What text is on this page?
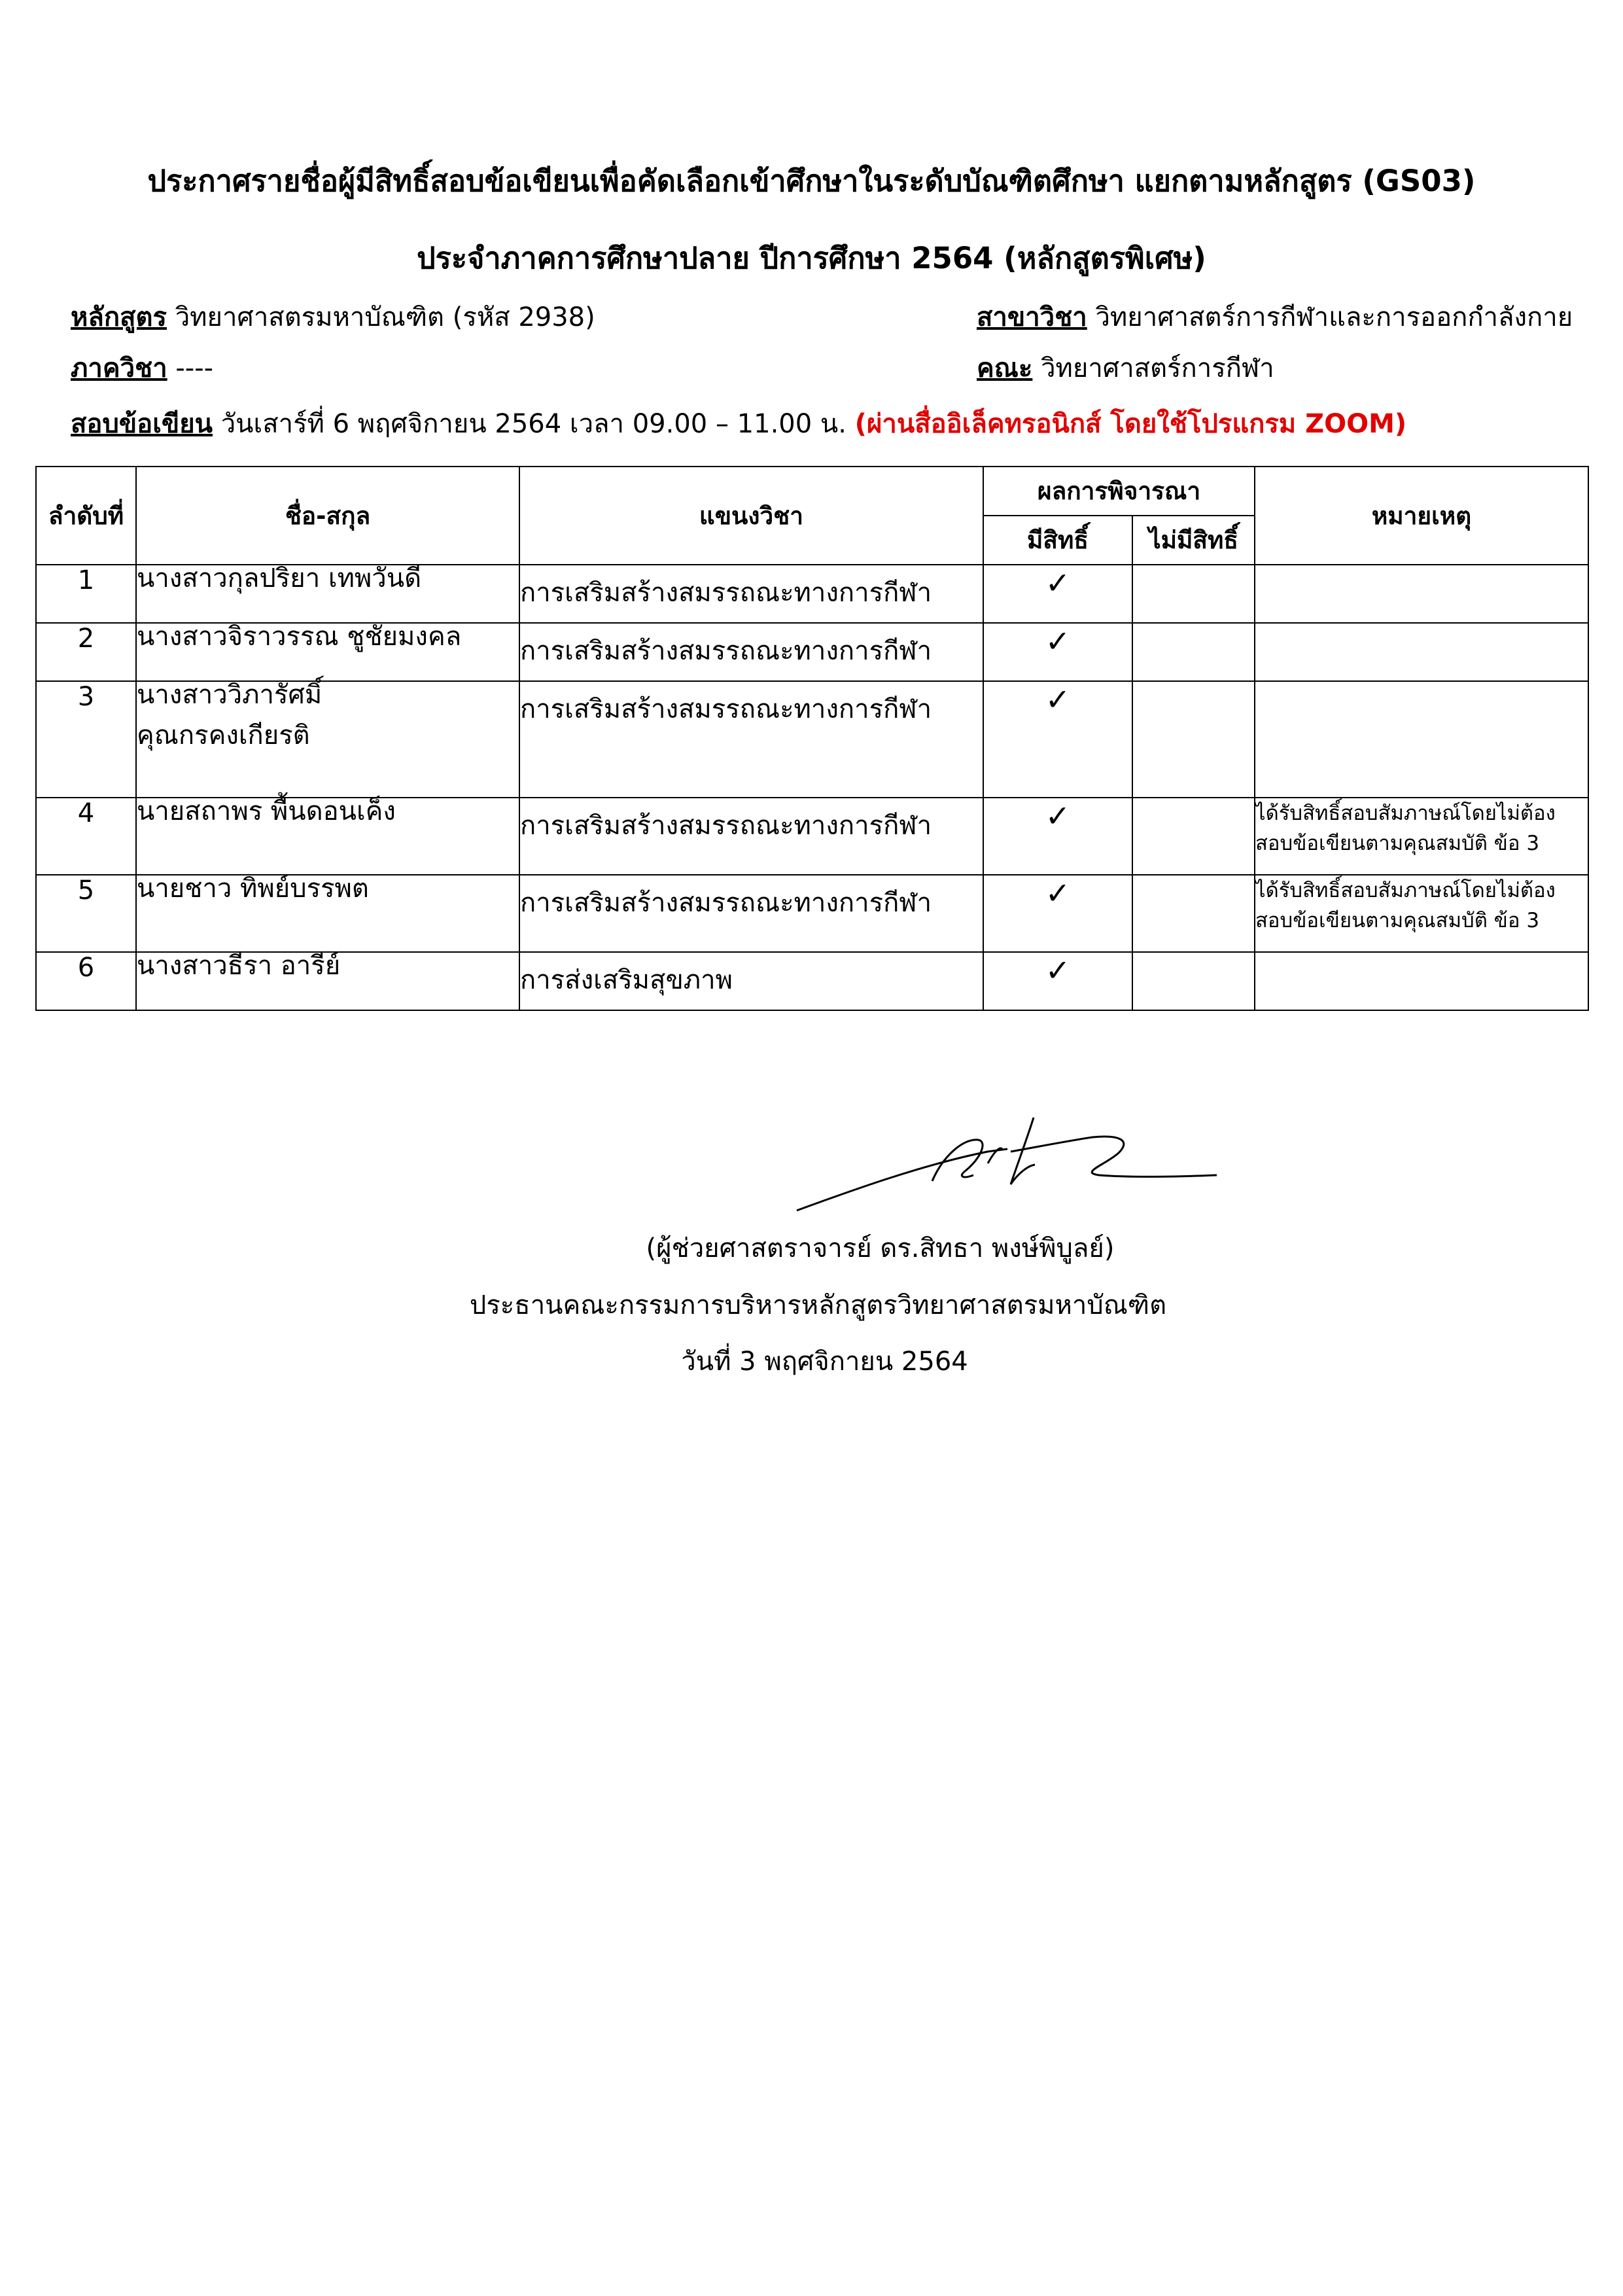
ประกาศรายชื่อผู้มีสิทธิ์สอบข้อเขียนเพื่อคัดเลือกเข้าศึกษาในระดับบัณฑิตศึกษา แยกตามหลักสูตร (GS03)
ประจำภาคการศึกษาปลาย ปีการศึกษา 2564 (หลักสูตรพิเศษ)
หลักสูตร วิทยาศาสตรมหาบัณฑิต (รหัส 2938)	สาขาวิชา วิทยาศาสตร์การกีฬาและการออกกำลังกาย
ภาควิชา ----	คณะ วิทยาศาสตร์การกีฬา
สอบข้อเขียน วันเสาร์ที่ 6 พฤศจิกายน 2564 เวลา 09.00 – 11.00 น. (ผ่านสื่ออิเล็คทรอนิกส์ โดยใช้โปรแกรม ZOOM)
ลำดับที่	ชื่อ-สกุล	แขนงวิชา	ผลการพิจารณา		หมายเหตุ
			มีสิทธิ์	ไม่มีสิทธิ์	
1	นางสาวกุลปริยา เทพวันดี	การเสริมสร้างสมรรถณะทางการกีฬา	✓		

2	นางสาวจิราวรรณ ชูชัยมงคล	การเสริมสร้างสมรรถณะทางการกีฬา	✓		

3	นางสาววิภารัศมิ์
คุณกรคงเกียรติ	การเสริมสร้างสมรรถณะทางการกีฬา	✓		

4	นายสถาพร พื้นดอนเค็ง	การเสริมสร้างสมรรถณะทางการกีฬา	✓		ได้รับสิทธิ์สอบสัมภาษณ์โดยไม่ต้อง
สอบข้อเขียนตามคุณสมบัติ ข้อ 3

5	นายชาว ทิพย์บรรพต	การเสริมสร้างสมรรถณะทางการกีฬา	✓		ได้รับสิทธิ์สอบสัมภาษณ์โดยไม่ต้อง
สอบข้อเขียนตามคุณสมบัติ ข้อ 3

6	นางสาวธีรา อารีย์	การส่งเสริมสุขภาพ	✓		
(ผู้ช่วยศาสตราจารย์ ดร.สิทธา พงษ์พิบูลย์)
ประธานคณะกรรมการบริหารหลักสูตรวิทยาศาสตรมหาบัณฑิต
วันที่ 3 พฤศจิกายน 2564
